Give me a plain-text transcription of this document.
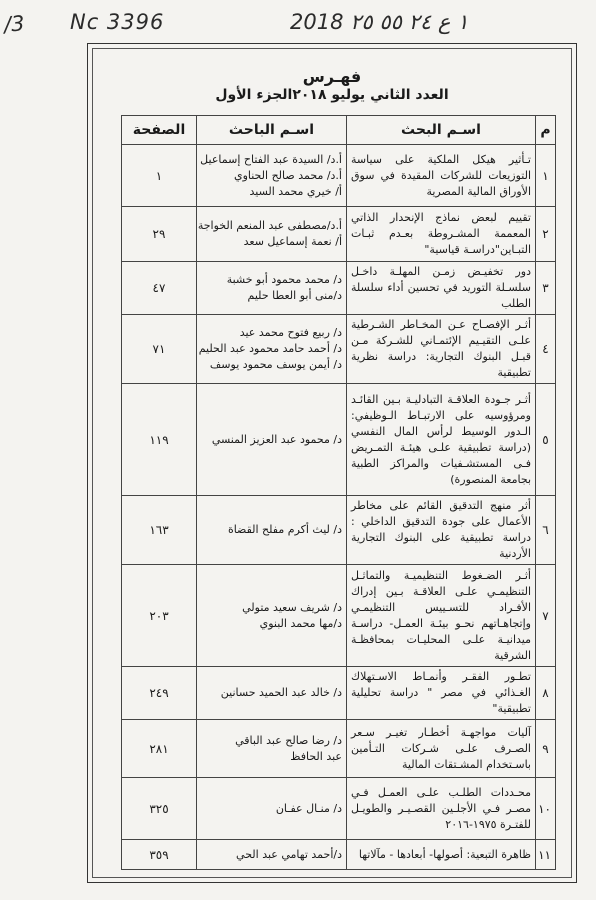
/3 Nc 3396	2018 ١ ع ٢٤ ٥٥ ٢٥
فهـرس
العدد الثاني يوليو ٢٠١٨الجزء الأول
م	اسـم البحث	اسـم الباحث	الصفحة
١	تـأثير هيكل الملكية على سياسة التوزيعات للشركات المقيدة في سوق الأوراق المالية المصرية	أ.د/ السيدة عبد الفتاح إسماعيل
أ.د/ محمد صالح الحناوي
أ/ خيري محمد السيد	١
٢	تقييم لبعض نماذج الإنحدار الذاتي المعممة المشـروطة بعـدم ثبـات التبـاين"دراسـة قياسية"	أ.د/مصطفى عبد المنعم الخواجة
أ/ نعمة إسماعيل سعد	٢٩
٣	دور تخفيـض زمـن المهلـة داخـل سلسـلة التوريد في تحسين أداء سلسلة الطلب	د/ محمد محمود أبو خشبة
د/منى أبو العطا حليم	٤٧
٤	أثـر الإفصـاح عـن المخـاطر الشـرطية علـى التقيـيم الإئتمـاني للشـركة مـن قبـل البنوك التجارية: دراسة نظرية تطبيقية	د/ ربيع فتوح محمد عيد
د/ أحمد حامد محمود عبد الحليم
د/ أيمن يوسف محمود يوسف	٧١
٥	أثـر جـودة العلاقـة التبادليـة بـين القائـد ومرؤوسيه على الارتبـاط الـوظيفي: الـدور الوسيط لرأس المال النفسي (دراسة تطبيقية علـى هيئـة التمـريض فـى المستشـفيات والمراكز الطبية بجامعة المنصورة)	د/ محمود عبد العزيز المنسي	١١٩
٦	أثر منهج التدقيق القائم على مخاطر الأعمال على جودة التدقيق الداخلي : دراسة تطبيقية على البنوك التجارية الأردنية	د/ ليث أكرم مفلح القضاة	١٦٣
٧	أثـر الضـغوط التنظيميـة والتماثـل التنظيمـي علـى العلاقـة بـين إدراك الأفـراد للتسـييس التنظيمـي وإتجاهـاتهم نحـو بيئـة العمـل- دراسـة ميدانيـة علـى المحليـات بمحافظـة الشرقية	د/ شريف سعيد متولي
د/مها محمد البنوي	٢٠٣
٨	تطـور الفقـر وأنمـاط الاسـتهلاك الغـذائي في مصر " دراسة تحليلية تطبيقية"	د/ خالد عبد الحميد حسانين	٢٤٩
٩	آليات مواجهـة أخطـار تغيـر سـعر الصـرف علـى شـركات التـأمين باسـتخدام المشـتقات المالية	د/ رضا صالح عبد الباقي
عبد الحافظ	٢٨١
١٠	محـددات الطلـب علـى العمـل فـي مصـر فـي الأجلـين القصـيـر والطويـل للفتـرة ١٩٧٥-٢٠١٦	د/ منـال عفـان	٣٢٥
١١	ظاهرة التبعية: أصولها- أبعادها - مآلاتها	د/أحمد تهامي عبد الحي	٣٥٩
